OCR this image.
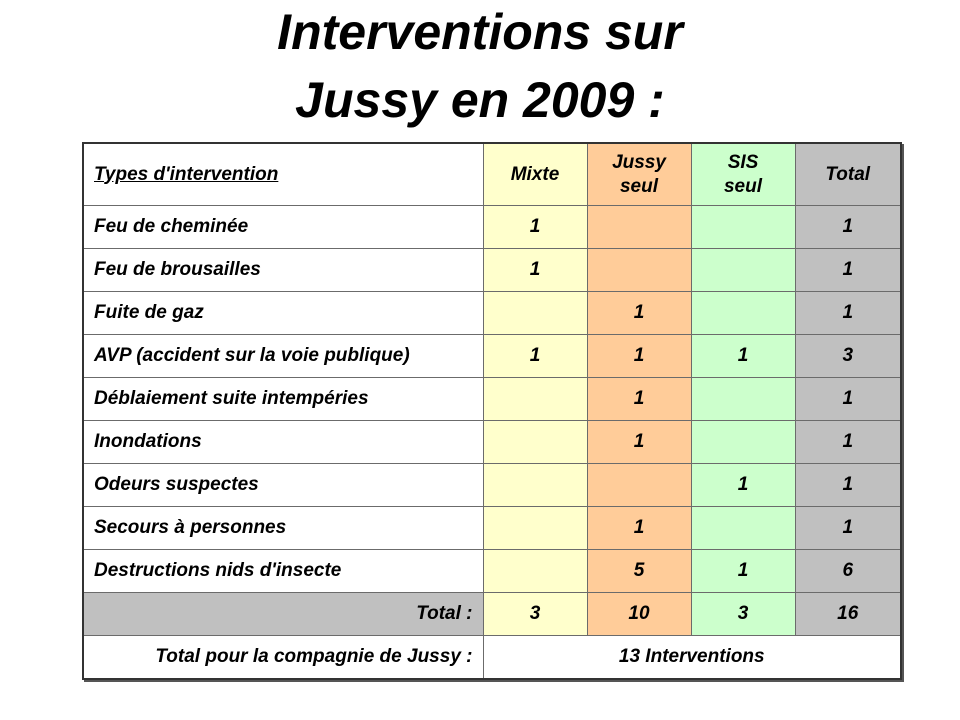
Interventions sur
Jussy en 2009 :
Types d'intervention	Mixte	Jussy seul	SIS seul	Total
Feu de cheminée	1			1
Feu de brousailles	1			1
Fuite de gaz		1		1
AVP (accident sur la voie publique)	1	1	1	3
Déblaiement suite intempéries		1		1
Inondations		1		1
Odeurs suspectes			1	1
Secours à personnes		1		1
Destructions nids d'insecte		5	1	6
Total :	3	10	3	16
Total pour la compagnie de Jussy :	13 Interventions			
